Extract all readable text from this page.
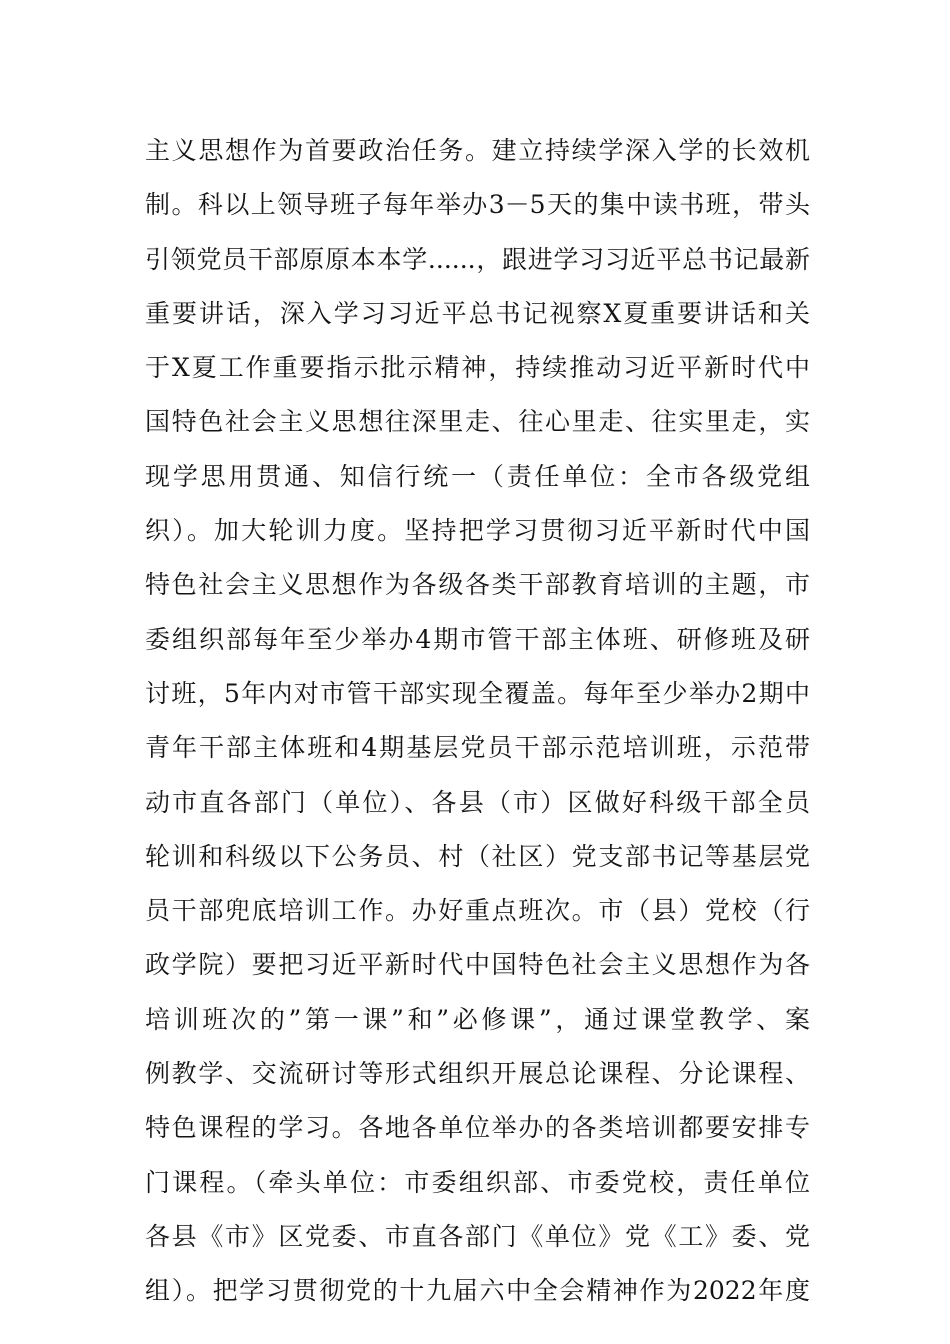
主义思想作为首要政治任务。建立持续学深入学的长效机
制。科以上领导班子每年举办3－5天的集中读书班，带头
引领党员干部原原本本学......，跟进学习习近平总书记最新
重要讲话，深入学习习近平总书记视察X夏重要讲话和关
于X夏工作重要指示批示精神，持续推动习近平新时代中
国特色社会主义思想往深里走、往心里走、往实里走，实
现学思用贯通、知信行统一（责任单位：全市各级党组
织）。加大轮训力度。坚持把学习贯彻习近平新时代中国
特色社会主义思想作为各级各类干部教育培训的主题，市
委组织部每年至少举办4期市管干部主体班、研修班及研
讨班，5年内对市管干部实现全覆盖。每年至少举办2期中
青年干部主体班和4期基层党员干部示范培训班，示范带
动市直各部门（单位）、各县（市）区做好科级干部全员
轮训和科级以下公务员、村（社区）党支部书记等基层党
员干部兜底培训工作。办好重点班次。市（县）党校（行
政学院）要把习近平新时代中国特色社会主义思想作为各
培训班次的”第一课”和”必修课”，通过课堂教学、案
例教学、交流研讨等形式组织开展总论课程、分论课程、
特色课程的学习。各地各单位举办的各类培训都要安排专
门课程。（牵头单位：市委组织部、市委党校，责任单位
各县《市》区党委、市直各部门《单位》党《工》委、党
组）。把学习贯彻党的十九届六中全会精神作为2022年度
